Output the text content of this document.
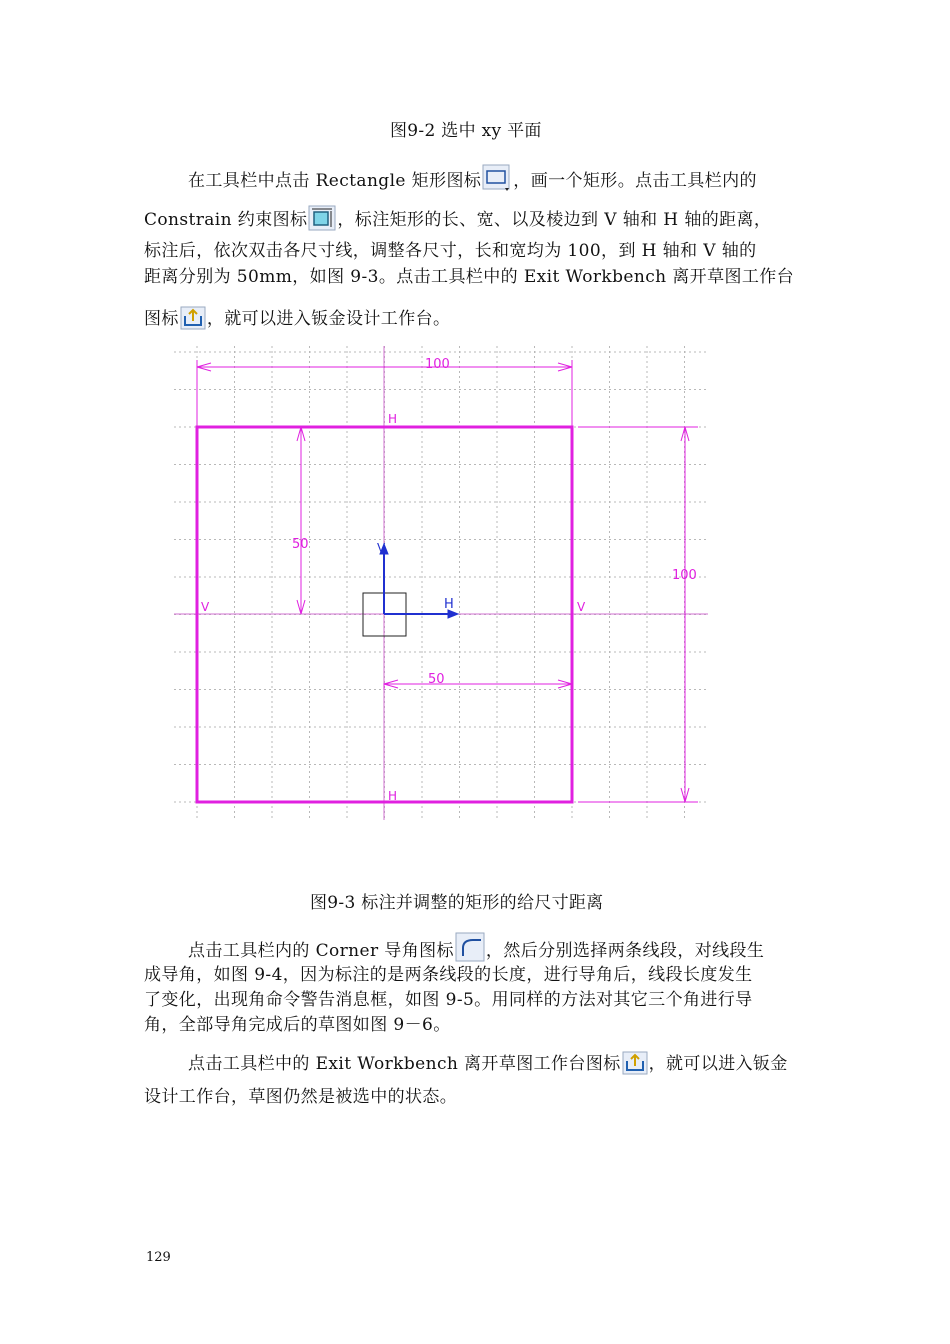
图9-2 选中 xy 平面
在工具栏中点击 Rectangle 矩形图标 ，画一个矩形。点击工具栏内的
Constrain 约束图标 ，标注矩形的长、宽、以及棱边到 V 轴和 H 轴的距离，
标注后，依次双击各尺寸线，调整各尺寸，长和宽均为 100，到 H 轴和 V 轴的
距离分别为 50mm，如图 9-3。点击工具栏中的 Exit Workbench 离开草图工作台
图标 ，就可以进入钣金设计工作台。
100
100
50
50
H
H
V	V
V
H
图9-3 标注并调整的矩形的给尺寸距离
点击工具栏内的 Corner 导角图标 ，然后分别选择两条线段，对线段生
成导角，如图 9-4，因为标注的是两条线段的长度，进行导角后，线段长度发生
了变化，出现角命令警告消息框，如图 9-5。用同样的方法对其它三个角进行导
角，全部导角完成后的草图如图 9－6。
点击工具栏中的 Exit Workbench 离开草图工作台图标 ，就可以进入钣金
设计工作台，草图仍然是被选中的状态。
129
